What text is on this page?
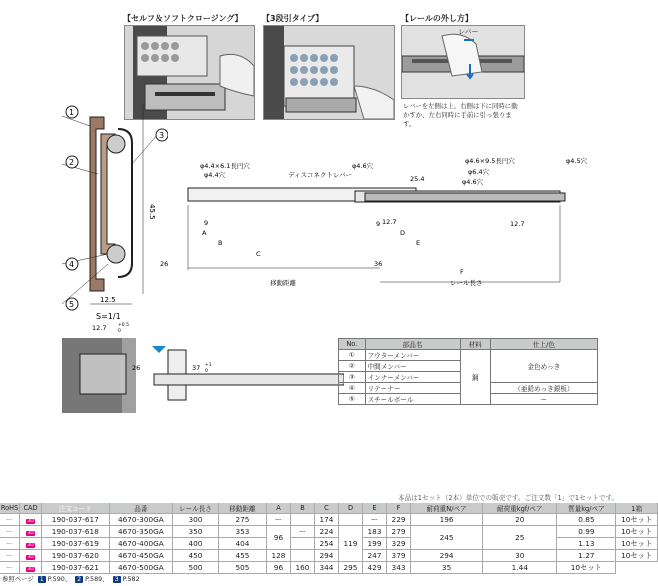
【セルフ＆ソフトクロージング】 【3段引タイプ】	【レールの外し方】
レバー
レバーを左側は上、右側は下に同時に動かすか、左右同時に手前に引っ張ります。
1
2
3
4
5
45.5
12.5
S=1/1
φ4.4×6.1長円穴
φ4.4穴	ディスコネクトレバー
φ4.6穴
φ4.6×9.5長円穴
φ6.4穴
φ4.6穴
φ4.5穴
25.4
9	9 12.7	12.7
A
B
C
D
E
26	36
F
移動距離	レール長さ
12.7	+0.5
0
26	37 +1
0
No.	部品名	材料	仕上/色
①	アウターメンバー	鋼	金色めっき
②	中間メンバー		
③	インナーメンバー		
④	リテーナー		（亜鉛めっき銀板）
⑤	スチールボール		ー
本品は1セット（2本）単位での販売です。ご注文数「1」で1セットです。
RoHS	CAD	注文コード	品番	レール長さ	移動距離	A	B	C	D	E	F	耐荷重N/ペア	耐荷重kgf/ペア	質量kg/ペア	1箱
ー	3D	190-037-617	4670-300GA	300	275	ー		174		ー	229	196	20	0.85	10セット
ー	3D	190-037-618	4670-350GA	350	353	96	ー	224	119	183	279	245	25	0.99	10セット
ー	3D	190-037-619	4670-400GA	400	404			254		199	329			1.13	10セット
ー	3D	190-037-620	4670-450GA	450	455	128		294		247	379	294	30	1.27	10セット
ー	3D	190-037-621	4670-500GA	500	505	96	160	344	295	429	343	35	1.44	10セット	
参照ページ 1 P.590、 2 P.589、 3 P.582
